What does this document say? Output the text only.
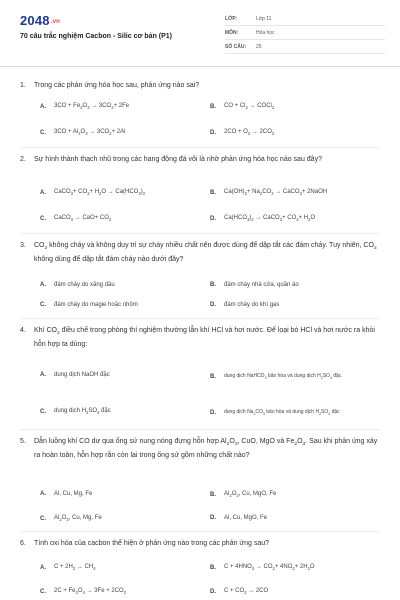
2048.vn
70 câu trắc nghiệm Cacbon - Silic cơ bản (P1)
LỚP:	Lớp 11
MÔN:	Hóa học
SỐ CÂU:	25
1.	Trong các phản ứng hóa học sau, phản ứng nào sai?
A.	$3CO + Fe_2O_3 \to 3CO_2+ 2Fe$	B.	CO + $Cl_2$ → COCl$_2$
C.	$3CO + Al_2O_3 \to 3CO_2+ 2Al$	D.	$2CO + O_2 \to 2CO_2$
2.	Sự hình thành thạch nhũ trong các hang động đá vôi là nhờ phản ứng hóa học nào sau đây?
A.	CaCO$_3$+ $CO_2+ H_2O \to Ca(HCO_3)_2$	B.	$Ca(OH)_2+ Na_2CO_3$ → CaCO$_3$+ 2NaOH
C.	CaCO$_3$ → $CaO+ CO_2$	D.	$Ca(HCO_3)_2$ → CaCO$_3$+ $CO_2+ H_2O$
3.	$CO_2$ không cháy và không duy trì sự cháy nhiều chất nên được dùng để dập tắt các đám cháy. Tuy nhiên, $CO_2$ không dùng để dập tắt đám cháy nào dưới đây?
A.	đám cháy do xăng dầu	B.	đám cháy nhà cửa, quần áo
C.	đám cháy do magie hoặc nhôm	D.	đám cháy do khí gas
4.	Khí $CO_2$ điều chế trong phòng thí nghiệm thường lẫn khí HCl và hơi nước. Để loại bỏ HCl và hơi nước ra khỏi hỗn hợp ta dùng:
A.	dung dịch NaOH đặc	B.	dung dịch NaHCO$_3$ bão hòa và dung dịch $H_2SO_4$ đặc
C.	dung dịch $H_2SO_4$ đặc	D.	dung dịch $Na_2CO_3$ bão hòa và dung dịch $H_2SO_4$ đặc
5.	Dẫn luồng khí CO dư qua ống sứ nung nóng đựng hỗn hợp $Al_2O_3$, CuO, MgO và $Fe_2O_3$. Sau khi phản ứng xảy ra hoàn toàn, hỗn hợp rắn còn lại trong ống sứ gồm những chất nào?
A.	Al, Cu, Mg, Fe	B.	$Al_2O_3$, Cu, MgO, Fe
C.	$Al_2O_3$, Cu, Mg, Fe	D.	Al, Cu, MgO, Fe
6.	Tính oxi hóa của cacbon thể hiện ở phản ứng nào trong các phản ứng sau?
A.	$C + 2H_2 \to CH_4$	B.	$C + 4HNO_3 \to CO_2+ 4NO_2+ 2H_2O$
C.	$2C + Fe_3O_4 \to 3Fe + 2CO_2$	D.	$C + CO_2 \to 2CO$
